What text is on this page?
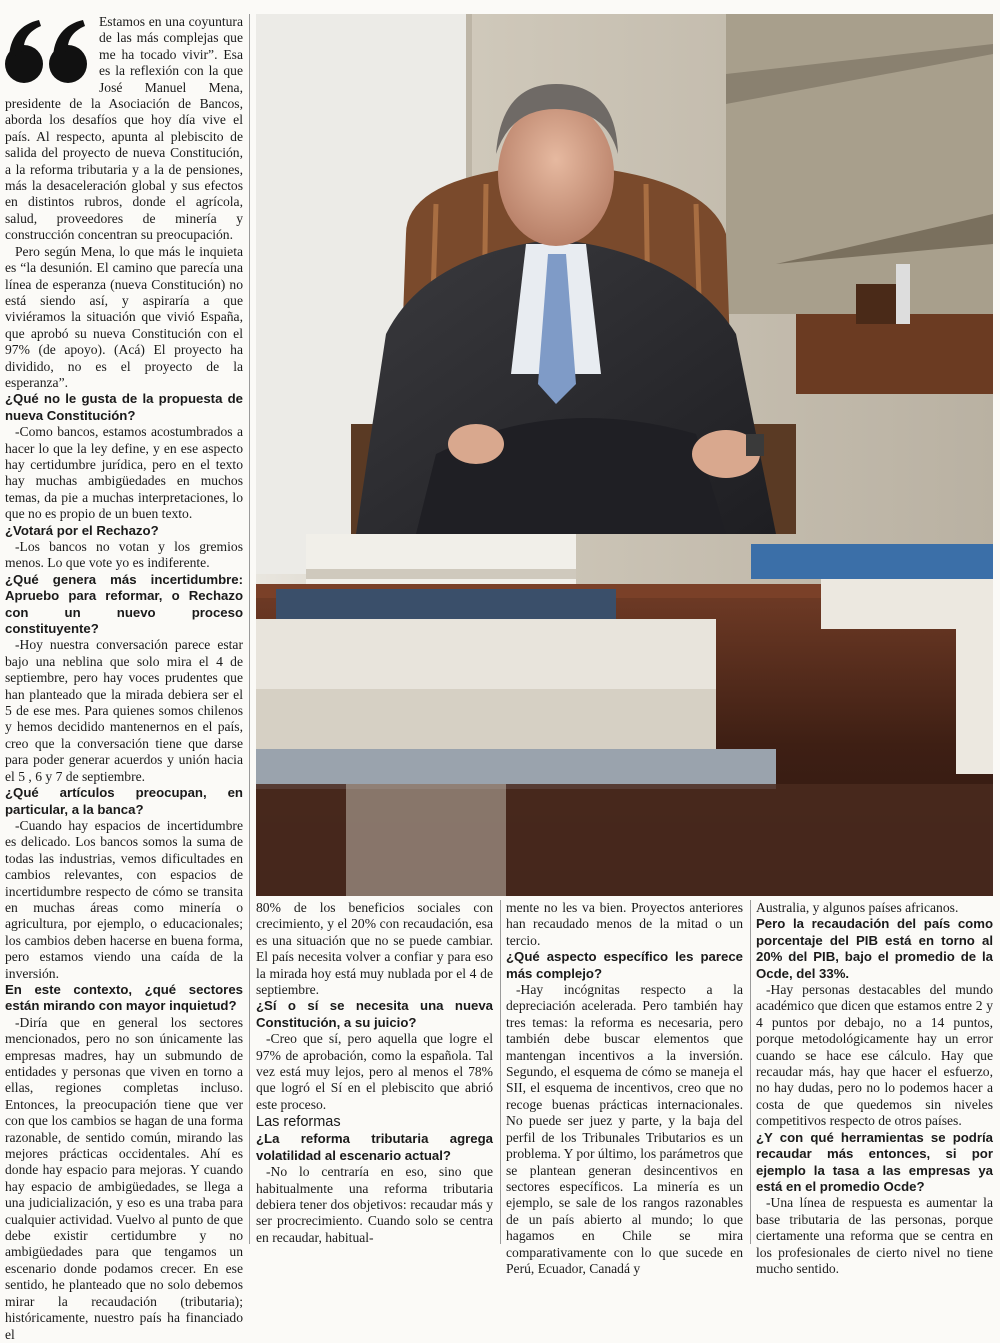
Estamos en una coyuntura de las más complejas que me ha tocado vivir”. Esa es la reflexión con la que José Manuel Mena, presidente de la Asociación de Bancos, aborda los desafíos que hoy día vive el país. Al respecto, apunta al plebiscito de salida del proyecto de nueva Constitución, a la reforma tributaria y a la de pensiones, más la desaceleración global y sus efectos en distintos rubros, donde el agrícola, salud, proveedores de minería y construcción concentran su preocupación.

Pero según Mena, lo que más le inquieta es “la desunión. El camino que parecía una línea de esperanza (nueva Constitución) no está siendo así, y aspiraría a que viviéramos la situación que vivió España, que aprobó su nueva Constitución con el 97% (de apoyo). (Acá) El proyecto ha dividido, no es el proyecto de la esperanza”.

¿Qué no le gusta de la propuesta de nueva Constitución?

-Como bancos, estamos acostumbrados a hacer lo que la ley define, y en ese aspecto hay certidumbre jurídica, pero en el texto hay muchas ambigüedades en muchos temas, da pie a muchas interpretaciones, lo que no es propio de un buen texto.

¿Votará por el Rechazo?

-Los bancos no votan y los gremios menos. Lo que vote yo es indiferente.

¿Qué genera más incertidumbre: Apruebo para reformar, o Rechazo con un nuevo proceso constituyente?

-Hoy nuestra conversación parece estar bajo una neblina que solo mira el 4 de septiembre, pero hay voces prudentes que han planteado que la mirada debiera ser el 5 de ese mes. Para quienes somos chilenos y hemos decidido mantenernos en el país, creo que la conversación tiene que darse para poder generar acuerdos y unión hacia el 5 , 6 y 7 de septiembre.

¿Qué artículos preocupan, en particular, a la banca?

-Cuando hay espacios de incertidumbre es delicado. Los bancos somos la suma de todas las industrias, vemos dificultades en cambios relevantes, con espacios de incertidumbre respecto de cómo se transita en muchas áreas como minería o agricultura, por ejemplo, o educacionales; los cambios deben hacerse en buena forma, pero estamos viendo una caída de la inversión.

En este contexto, ¿qué sectores están mirando con mayor inquietud?

-Diría que en general los sectores mencionados, pero no son únicamente las empresas madres, hay un submundo de entidades y personas que viven en torno a ellas, regiones completas incluso. Entonces, la preocupación tiene que ver con que los cambios se hagan de una forma razonable, de sentido común, mirando las mejores prácticas occidentales. Ahí es donde hay espacio para mejoras. Y cuando hay espacio de ambigüedades, se llega a una judicialización, y eso es una traba para cualquier actividad. Vuelvo al punto de que debe existir certidumbre y no ambigüedades para que tengamos un escenario donde podamos crecer. En ese sentido, he planteado que no solo debemos mirar la recaudación (tributaria); históricamente, nuestro país ha financiado el

80% de los beneficios sociales con crecimiento, y el 20% con recaudación, esa es una situación que no se puede cambiar. El país necesita volver a confiar y para eso la mirada hoy está muy nublada por el 4 de septiembre.

¿Sí o sí se necesita una nueva Constitución, a su juicio?

-Creo que sí, pero aquella que logre el 97% de aprobación, como la española. Tal vez está muy lejos, pero al menos el 78% que logró el Sí en el plebiscito que abrió este proceso.

Las reformas

¿La reforma tributaria agrega volatilidad al escenario actual?

-No lo centraría en eso, sino que habitualmente una reforma tributaria debiera tener dos objetivos: recaudar más y ser procrecimiento. Cuando solo se centra en recaudar, habitual-

mente no les va bien. Proyectos anteriores han recaudado menos de la mitad o un tercio.

¿Qué aspecto específico les parece más complejo?

-Hay incógnitas respecto a la depreciación acelerada. Pero también hay tres temas: la reforma es necesaria, pero también debe buscar elementos que mantengan incentivos a la inversión. Segundo, el esquema de cómo se maneja el SII, el esquema de incentivos, creo que no recoge buenas prácticas internacionales. No puede ser juez y parte, y la baja del perfil de los Tribunales Tributarios es un problema. Y por último, los parámetros que se plantean generan desincentivos en sectores específicos. La minería es un ejemplo, se sale de los rangos razonables de un país abierto al mundo; lo que hagamos en Chile se mira comparativamente con lo que sucede en Perú, Ecuador, Canadá y

Australia, y algunos países africanos.

Pero la recaudación del país como porcentaje del PIB está en torno al 20% del PIB, bajo el promedio de la Ocde, del 33%.

-Hay personas destacables del mundo académico que dicen que estamos entre 2 y 4 puntos por debajo, no a 14 puntos, porque metodológicamente hay un error cuando se hace ese cálculo. Hay que recaudar más, hay que hacer el esfuerzo, no hay dudas, pero no lo podemos hacer a costa de que quedemos sin niveles competitivos respecto de otros países.

¿Y con qué herramientas se podría recaudar más entonces, si por ejemplo la tasa a las empresas ya está en el promedio Ocde?

-Una línea de respuesta es aumentar la base tributaria de las personas, porque ciertamente una reforma que se centra en los profesionales de cierto nivel no tiene mucho sentido.
